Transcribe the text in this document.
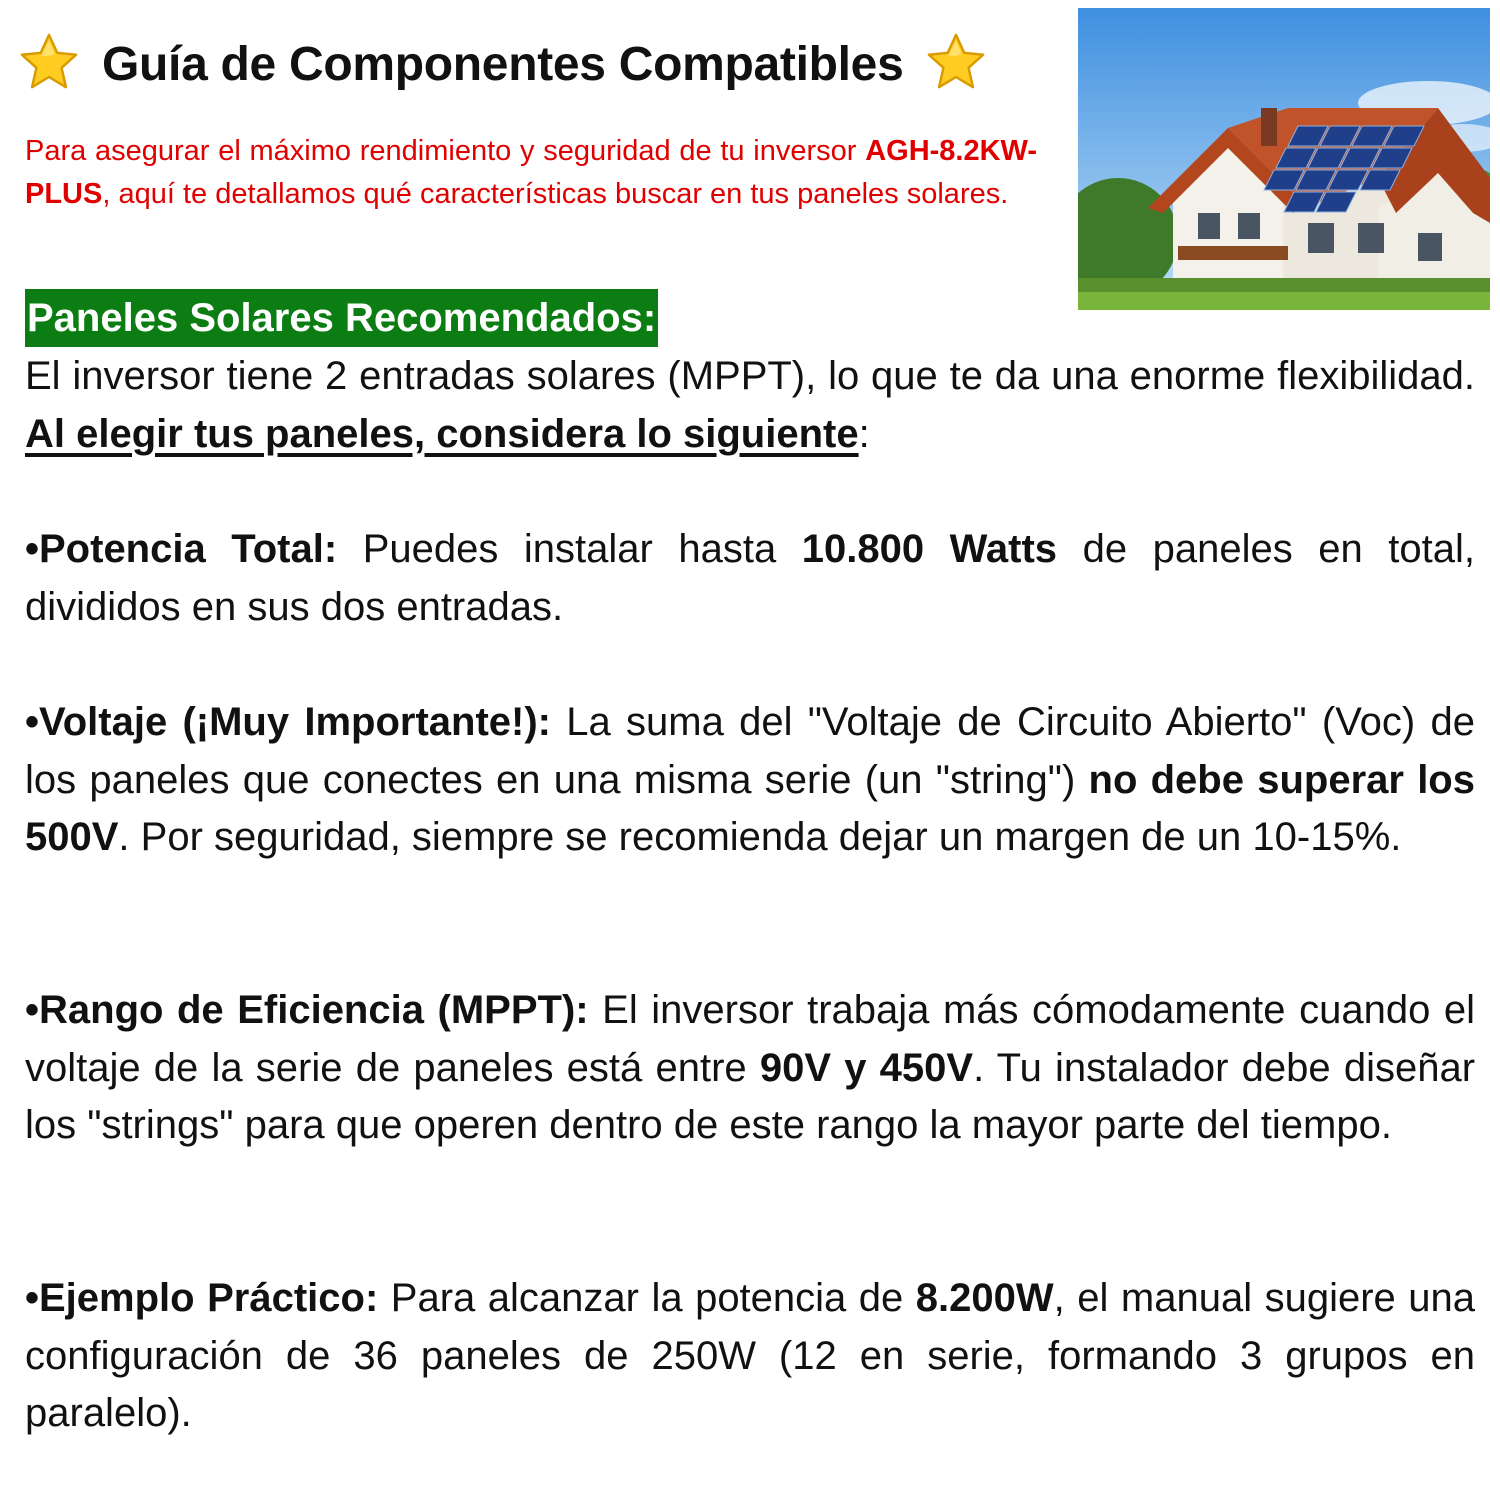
Guía de Componentes Compatibles

Para asegurar el máximo rendimiento y seguridad de tu inversor AGH-8.2KW-PLUS, aquí te detallamos qué características buscar en tus paneles solares.

Paneles Solares Recomendados:

El inversor tiene 2 entradas solares (MPPT), lo que te da una enorme flexibilidad. Al elegir tus paneles, considera lo siguiente:

•Potencia Total: Puedes instalar hasta 10.800 Watts de paneles en total, divididos en sus dos entradas.

•Voltaje (¡Muy Importante!): La suma del "Voltaje de Circuito Abierto" (Voc) de los paneles que conectes en una misma serie (un "string") no debe superar los 500V. Por seguridad, siempre se recomienda dejar un margen de un 10-15%.

•Rango de Eficiencia (MPPT): El inversor trabaja más cómodamente cuando el voltaje de la serie de paneles está entre 90V y 450V. Tu instalador debe diseñar los "strings" para que operen dentro de este rango la mayor parte del tiempo.

•Ejemplo Práctico: Para alcanzar la potencia de 8.200W, el manual sugiere una configuración de 36 paneles de 250W (12 en serie, formando 3 grupos en paralelo).
